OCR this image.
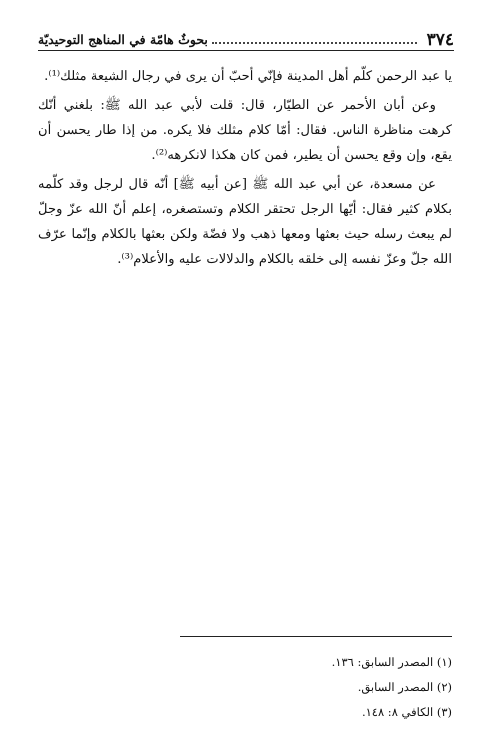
٣٧٤
بحوثٌ هامّة في المناهج التوحيديّة

يا عبد الرحمن كلّم أهل المدينة فإنّي أحبّ أن يرى في رجال الشيعة مثلك⁽¹⁾.

وعن أبان الأحمر عن الطيّار، قال: قلت لأبي عبد الله ﷺ: بلغني أنّك كرهت مناظرة الناس. فقال: أمّا كلام مثلك فلا يكره. من إذا طار يحسن أن يقع، وإن وقع يحسن أن يطير، فمن كان هكذا لانكرهه⁽²⁾.

عن مسعدة، عن أبي عبد الله ﷺ [عن أبيه ﷺ] أنّه قال لرجل وقد كلّمه بكلام كثير فقال: أيّها الرجل تحتقر الكلام وتستصغره، إعلم أنّ الله عزّ وجلّ لم يبعث رسله حيث بعثها ومعها ذهب ولا فضّة ولكن بعثها بالكلام وإنّما عرّف الله جلّ وعزّ نفسه إلى خلقه بالكلام والدلالات عليه والأعلام⁽³⁾.

(١) المصدر السابق: ١٣٦.
(٢) المصدر السابق.
(٣) الكافي ٨: ١٤٨.
